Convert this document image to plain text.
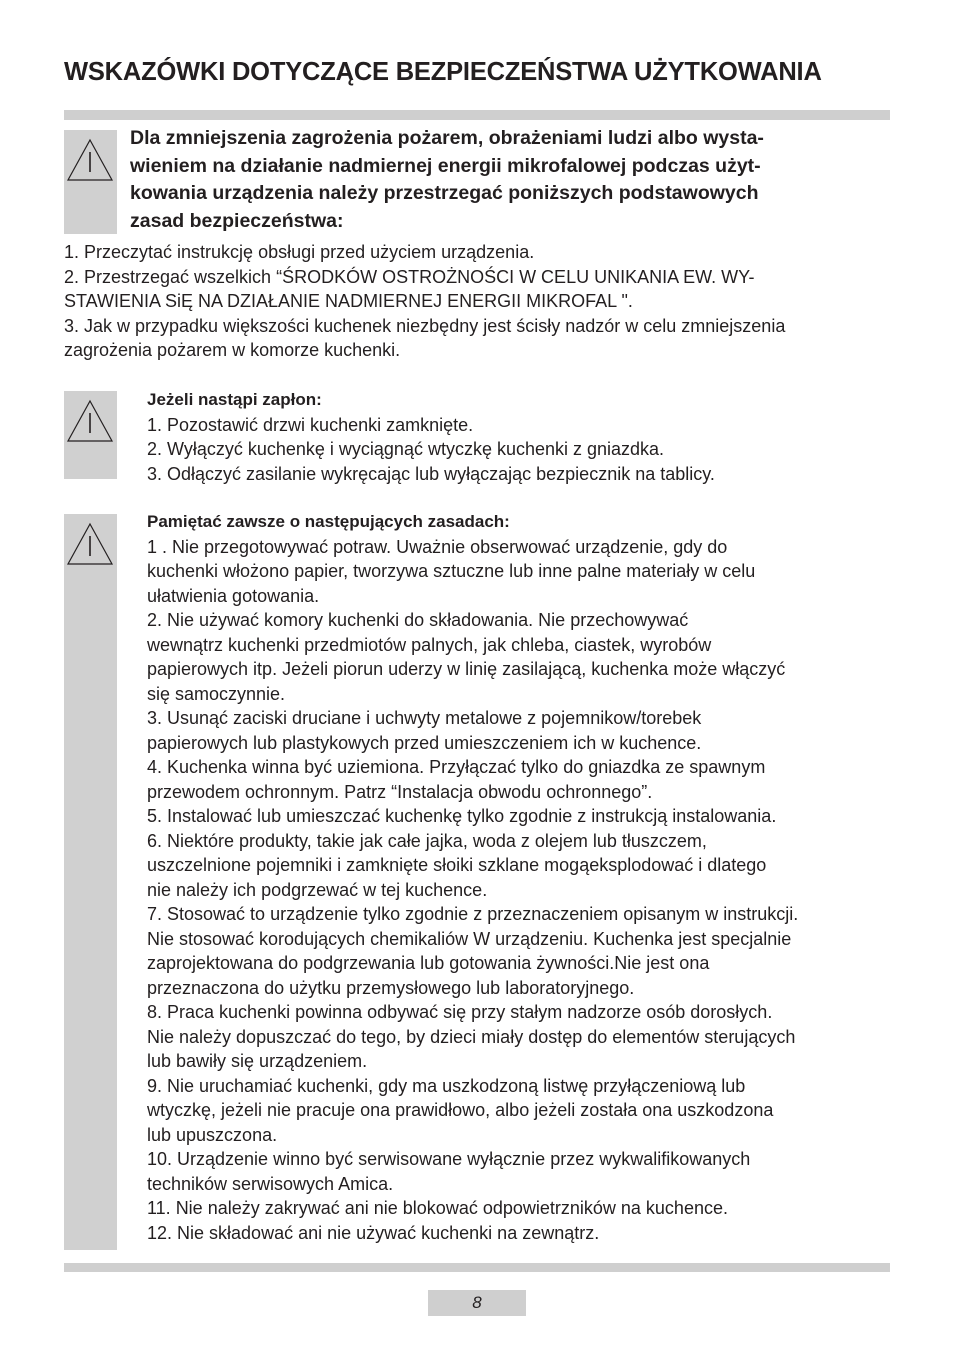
WSKAZÓWKI DOTYCZĄCE BEZPIECZEŃSTWA UŻYTKOWANIA
Dla zmniejszenia zagrożenia pożarem, obrażeniami ludzi albo wysta-
wieniem na działanie nadmiernej energii mikrofalowej podczas użyt-
kowania urządzenia należy przestrzegać poniższych podstawowych
zasad bezpieczeństwa:
1. Przeczytać instrukcję obsługi przed użyciem urządzenia.
2. Przestrzegać wszelkich “ŚRODKÓW OSTROŻNOŚCI W CELU UNIKANIA EW. WY-
STAWIENIA SiĘ NA DZIAŁANIE NADMIERNEJ ENERGII MIKROFAL ".
3. Jak w przypadku większości kuchenek niezbędny jest ścisły nadzór w celu zmniejszenia
zagrożenia pożarem w komorze kuchenki.
Jeżeli nastąpi zapłon:
1. Pozostawić drzwi kuchenki zamknięte.
2. Wyłączyć kuchenkę i wyciągnąć wtyczkę kuchenki z gniazdka.
3. Odłączyć zasilanie wykręcając lub wyłączając bezpiecznik na tablicy.
Pamiętać zawsze o następujących zasadach:
1 . Nie przegotowywać potraw. Uważnie obserwować urządzenie, gdy do
kuchenki włożono papier, tworzywa sztuczne lub inne palne materiały w celu
ułatwienia gotowania.
2. Nie używać komory kuchenki do składowania. Nie przechowywać
wewnątrz kuchenki przedmiotów palnych, jak chleba, ciastek, wyrobów
papierowych itp. Jeżeli piorun uderzy w linię zasilającą, kuchenka może włączyć
się samoczynnie.
3. Usunąć zaciski druciane i uchwyty metalowe z pojemnikow/torebek
papierowych lub plastykowych przed umieszczeniem ich w kuchence.
4. Kuchenka winna być uziemiona. Przyłączać tylko do gniazdka ze spawnym
przewodem ochronnym. Patrz “Instalacja obwodu ochronnego”.
5. Instalować lub umieszczać kuchenkę tylko zgodnie z instrukcją instalowania.
6. Niektóre produkty, takie jak całe jajka, woda z olejem lub tłuszczem,
uszczelnione pojemniki i zamknięte słoiki szklane mogąeksplodować i dlatego
nie należy ich podgrzewać w tej kuchence.
7. Stosować to urządzenie tylko zgodnie z przeznaczeniem opisanym w instrukcji.
Nie stosować korodujących chemikaliów W urządzeniu. Kuchenka jest specjalnie
zaprojektowana do podgrzewania lub gotowania żywności.Nie jest ona
przeznaczona do użytku przemysłowego lub laboratoryjnego.
8. Praca kuchenki powinna odbywać się przy stałym nadzorze osób dorosłych.
Nie należy dopuszczać do tego, by dzieci miały dostęp do elementów sterujących
lub bawiły się urządzeniem.
9. Nie uruchamiać kuchenki, gdy ma uszkodzoną listwę przyłączeniową lub
wtyczkę, jeżeli nie pracuje ona prawidłowo, albo jeżeli została ona uszkodzona
lub upuszczona.
10. Urządzenie winno być serwisowane wyłącznie przez wykwalifikowanych
techników serwisowych Amica.
11. Nie należy zakrywać ani nie blokować odpowietrzników na kuchence.
12. Nie składować ani nie używać kuchenki na zewnątrz.
8
